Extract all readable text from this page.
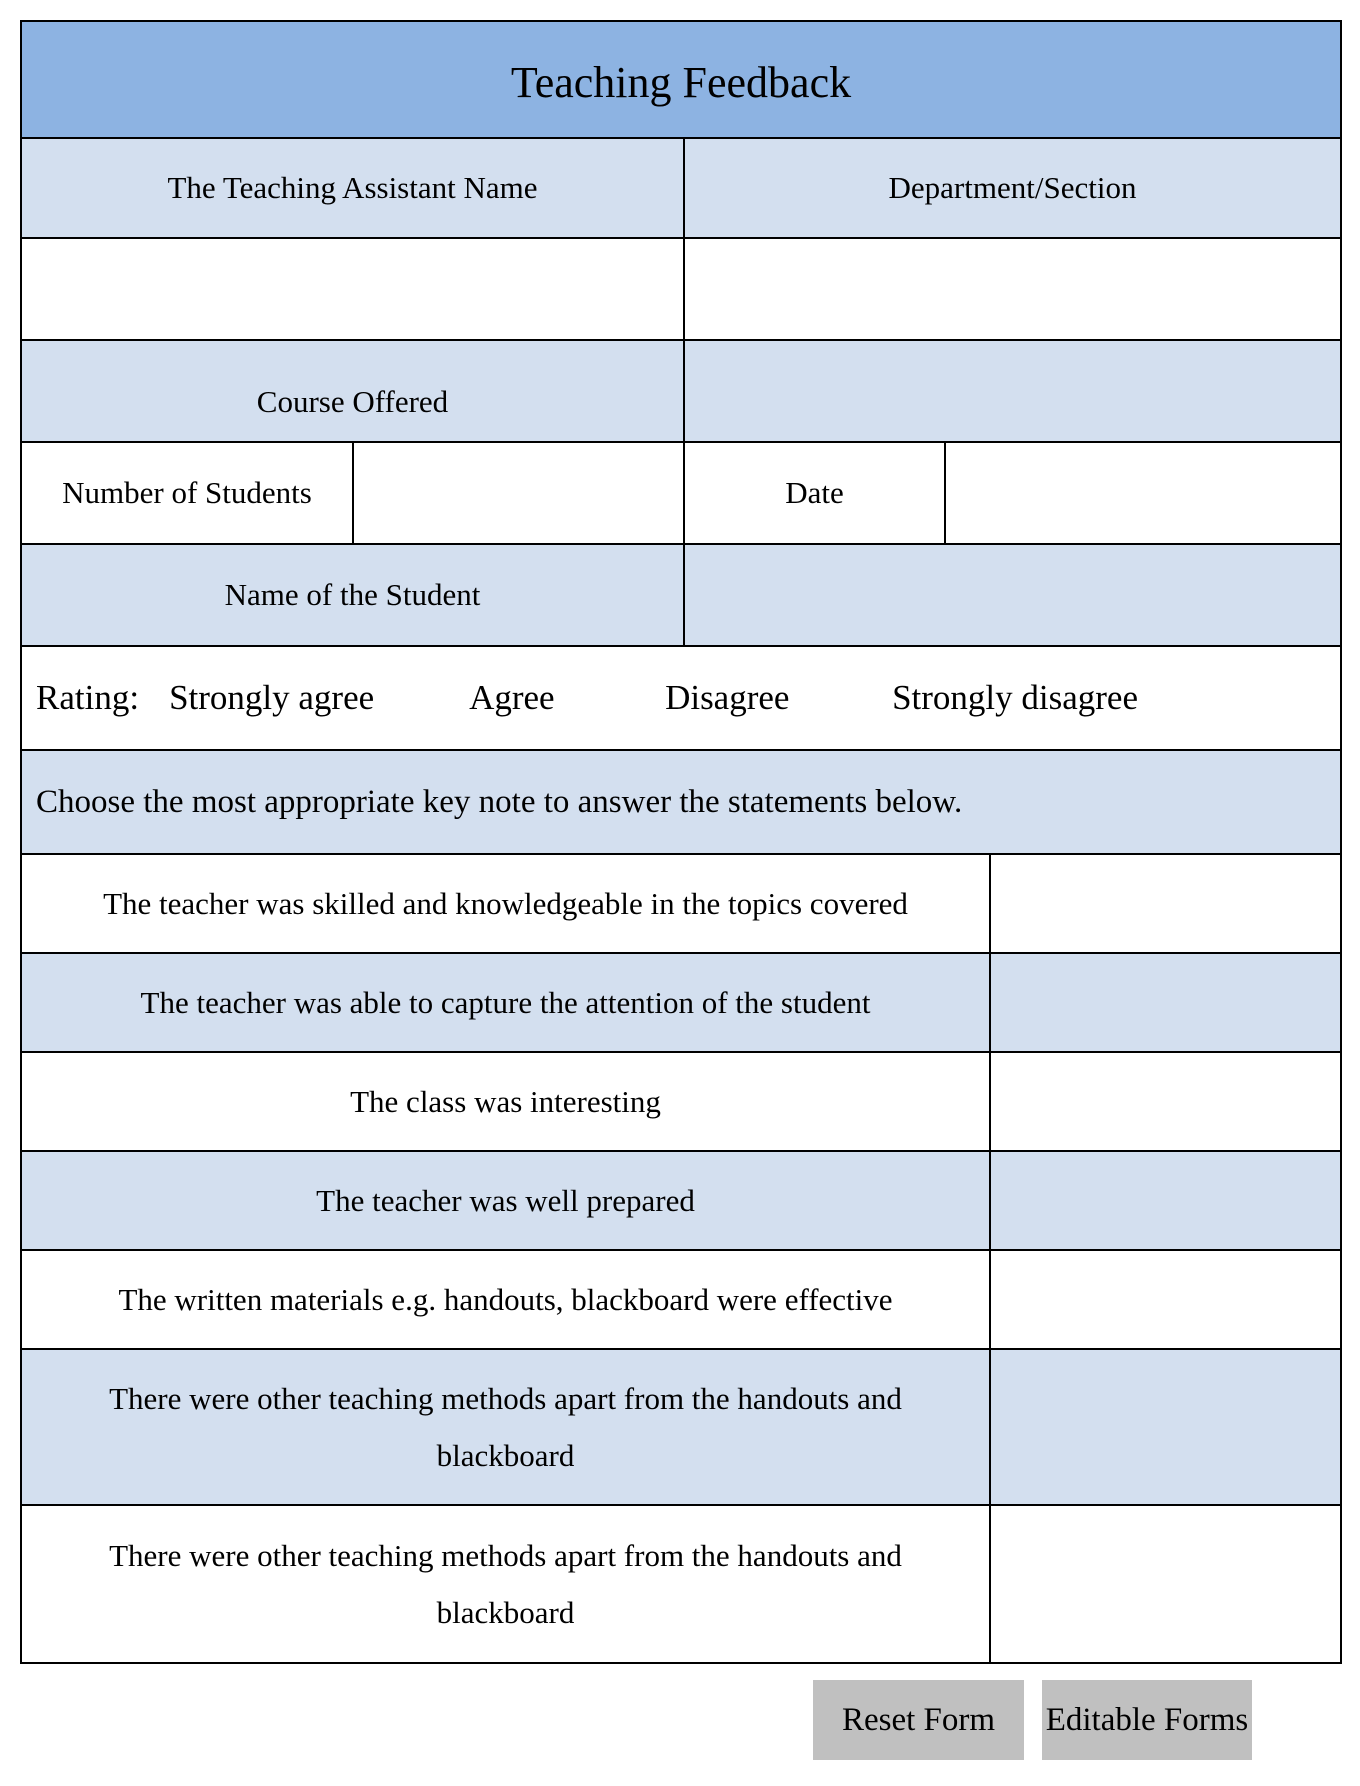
Teaching Feedback
The Teaching Assistant Name	Department/Section
Course Offered
Number of Students	Date
Name of the Student
Rating: Strongly agree	Agree	Disagree	Strongly disagree
Choose the most appropriate key note to answer the statements below.
The teacher was skilled and knowledgeable in the topics covered
The teacher was able to capture the attention of the student
The class was interesting
The teacher was well prepared
The written materials e.g. handouts, blackboard were effective
There were other teaching methods apart from the handouts and blackboard
There were other teaching methods apart from the handouts and blackboard
Reset Form	Editable Forms
